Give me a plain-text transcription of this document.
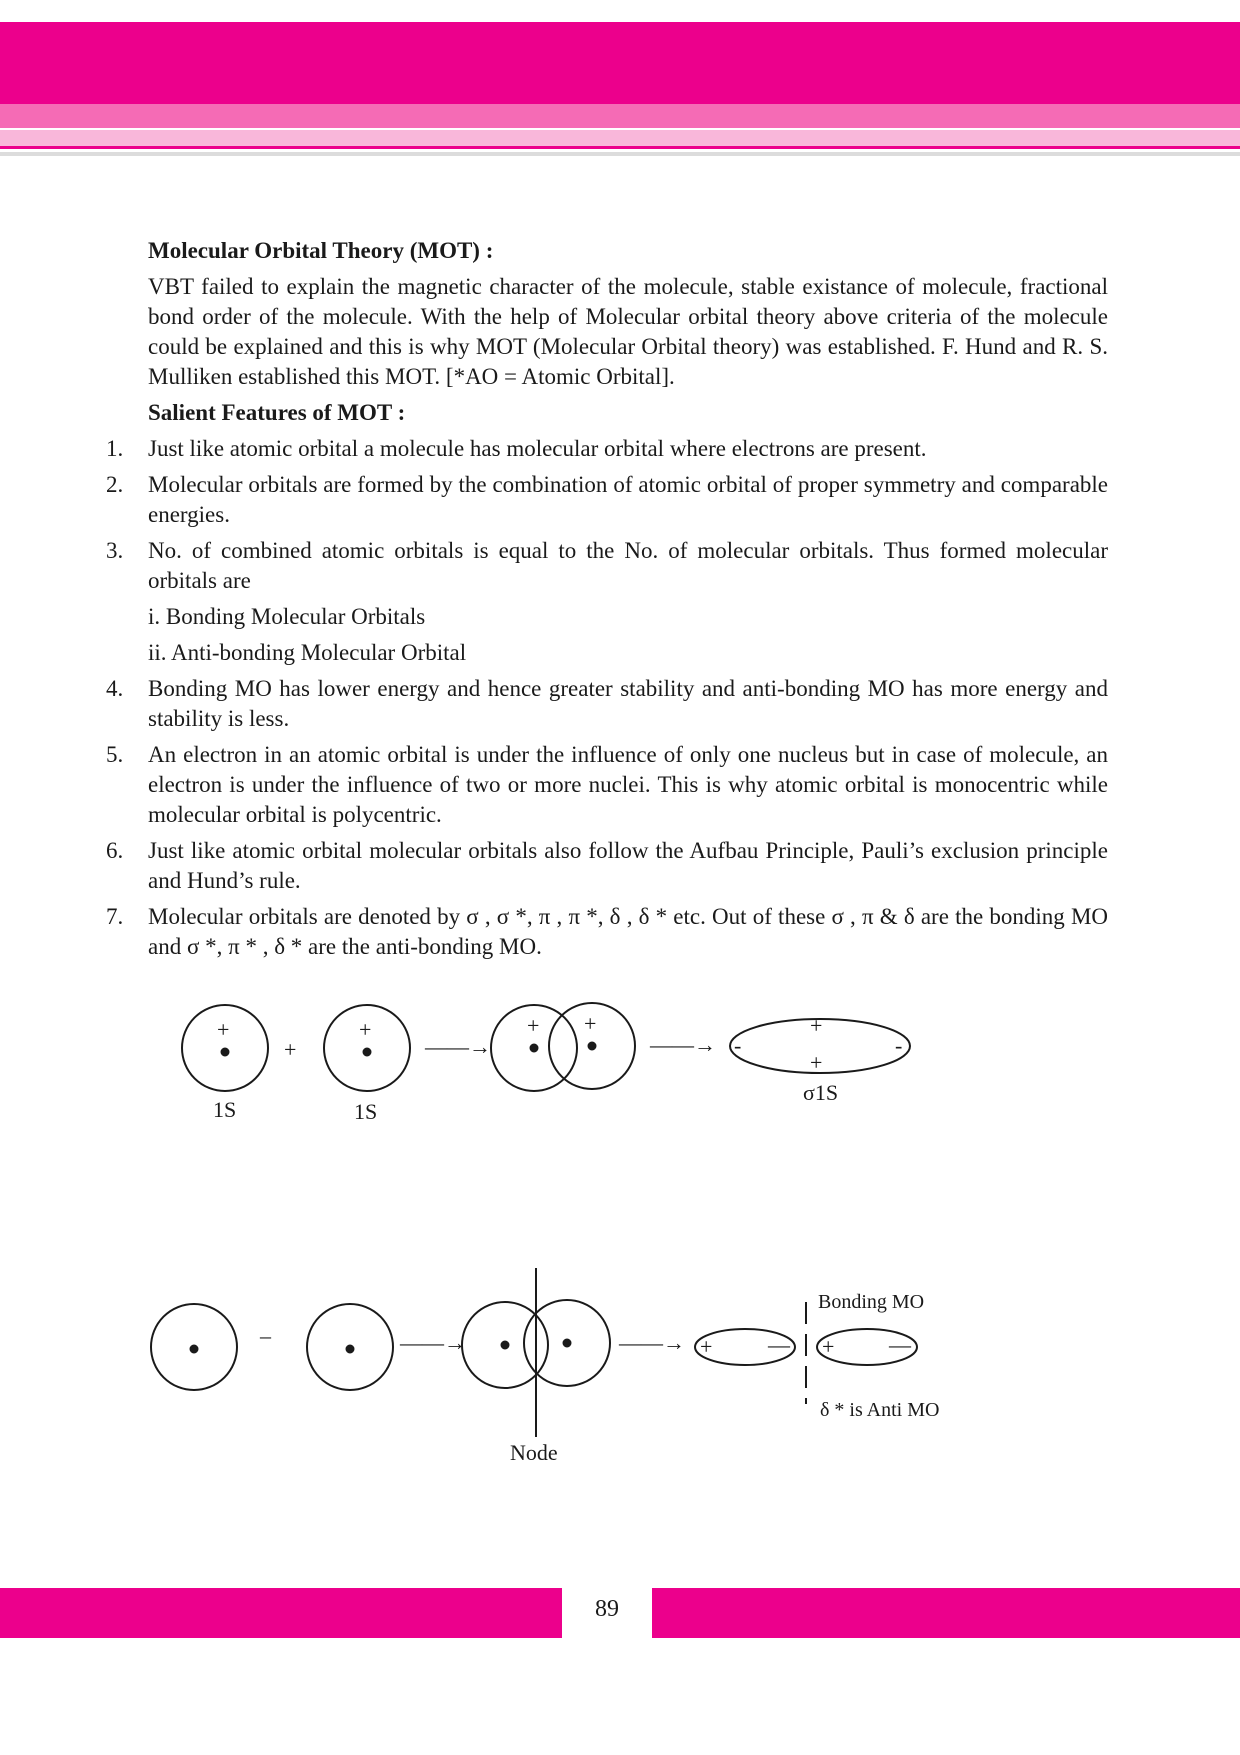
Molecular Orbital Theory (MOT) :

VBT failed to explain the magnetic character of the molecule, stable existance of molecule, fractional bond order of the molecule. With the help of Molecular orbital theory above criteria of the molecule could be explained and this is why MOT (Molecular Orbital theory) was established. F. Hund and R. S. Mulliken established this MOT. [*AO = Atomic Orbital].

Salient Features of MOT :

1. Just like atomic orbital a molecule has molecular orbital where electrons are present.
2. Molecular orbitals are formed by the combination of atomic orbital of proper symmetry and comparable energies.
3. No. of combined atomic orbitals is equal to the No. of molecular orbitals. Thus formed molecular orbitals are
i. Bonding Molecular Orbitals
ii. Anti-bonding Molecular Orbital
4. Bonding MO has lower energy and hence greater stability and anti-bonding MO has more energy and stability is less.
5. An electron in an atomic orbital is under the influence of only one nucleus but in case of molecule, an electron is under the influence of two or more nuclei. This is why atomic orbital is monocentric while molecular orbital is polycentric.
6. Just like atomic orbital molecular orbitals also follow the Aufbau Principle, Pauli’s exclusion principle and Hund’s rule.
7. Molecular orbitals are denoted by σ , σ *, π , π *, δ , δ * etc. Out of these σ , π & δ are the bonding MO and σ *, π * , δ * are the anti-bonding MO.
+	+
+
+ +
——→	——→
+
+
-	-
1S	1S
σ1S
–	——→	——→ +	— + —
Node
Bonding MO
δ * is Anti MO
89
